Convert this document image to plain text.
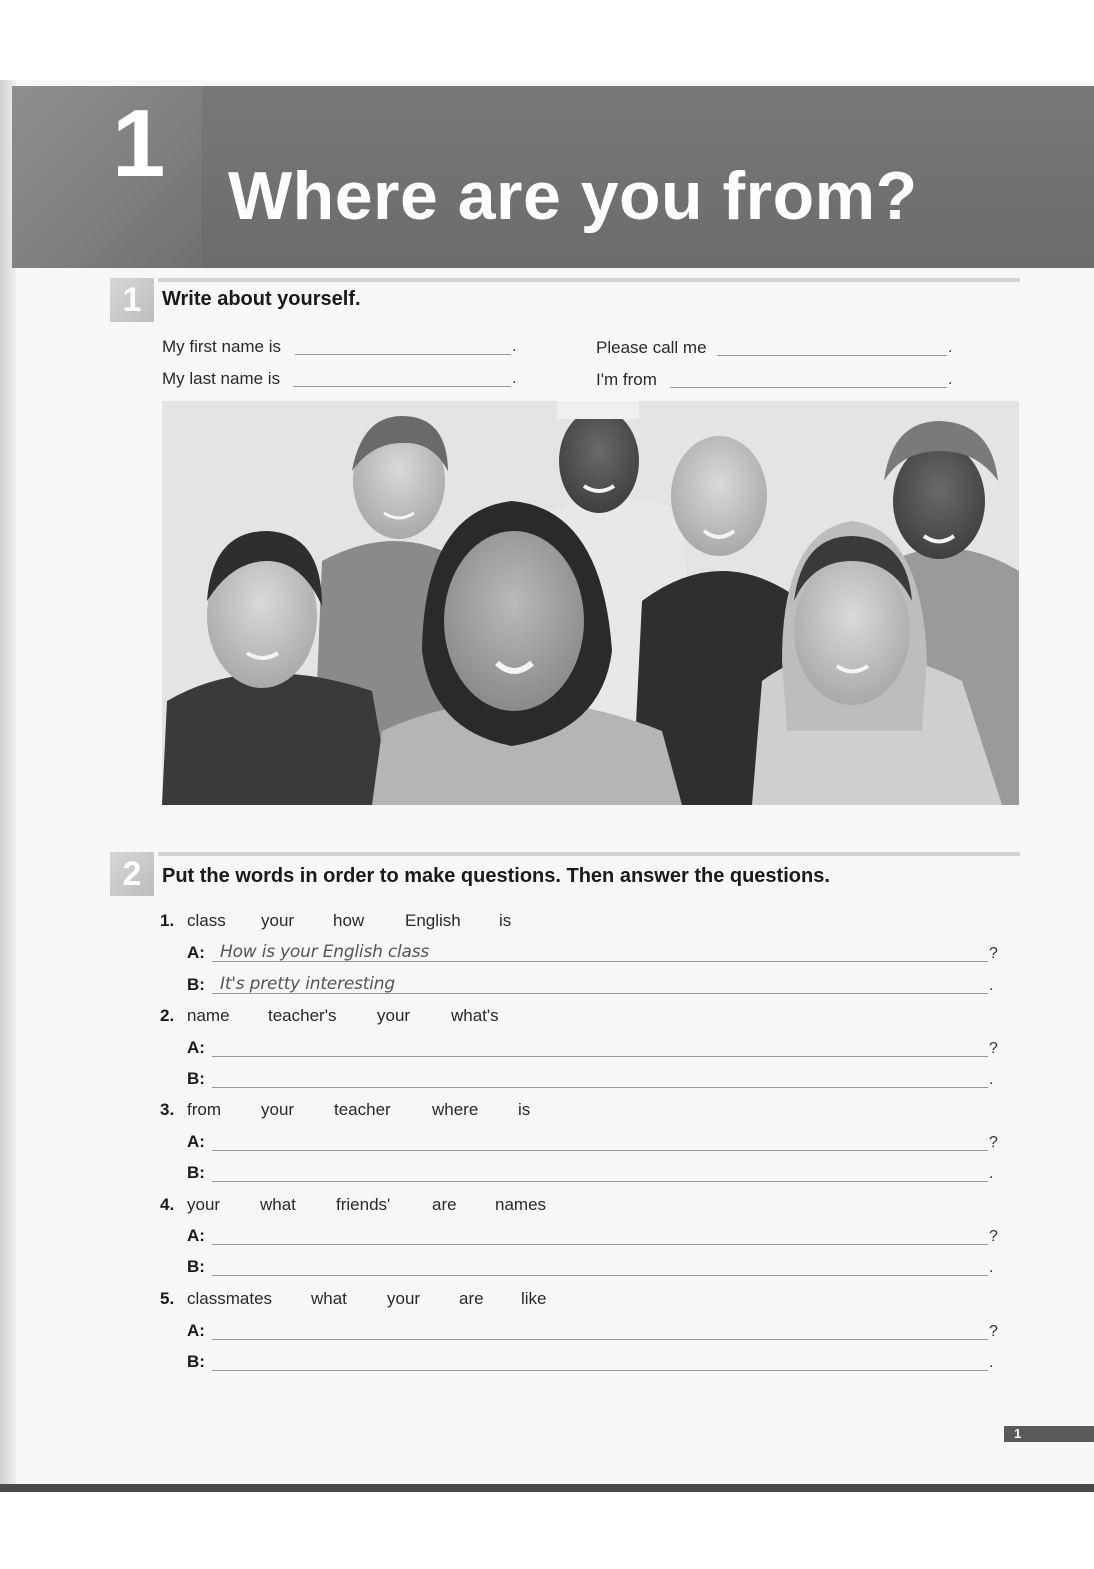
1 Where are you from?
1	Write about yourself.
My first name is	.
My last name is	.
Please call me	.
I'm from	.
2	Put the words in order to make questions. Then answer the questions.
1. class your how English is
A: How is your English class	?
B: It's pretty interesting	.
2. name teacher's your what's
A:	?
B:	.
3. from your teacher where is
A:	?
B:	.
4. your what friends' are names
A:	?
B:	.
5. classmates what your are like
A:	?
B:	.
1
